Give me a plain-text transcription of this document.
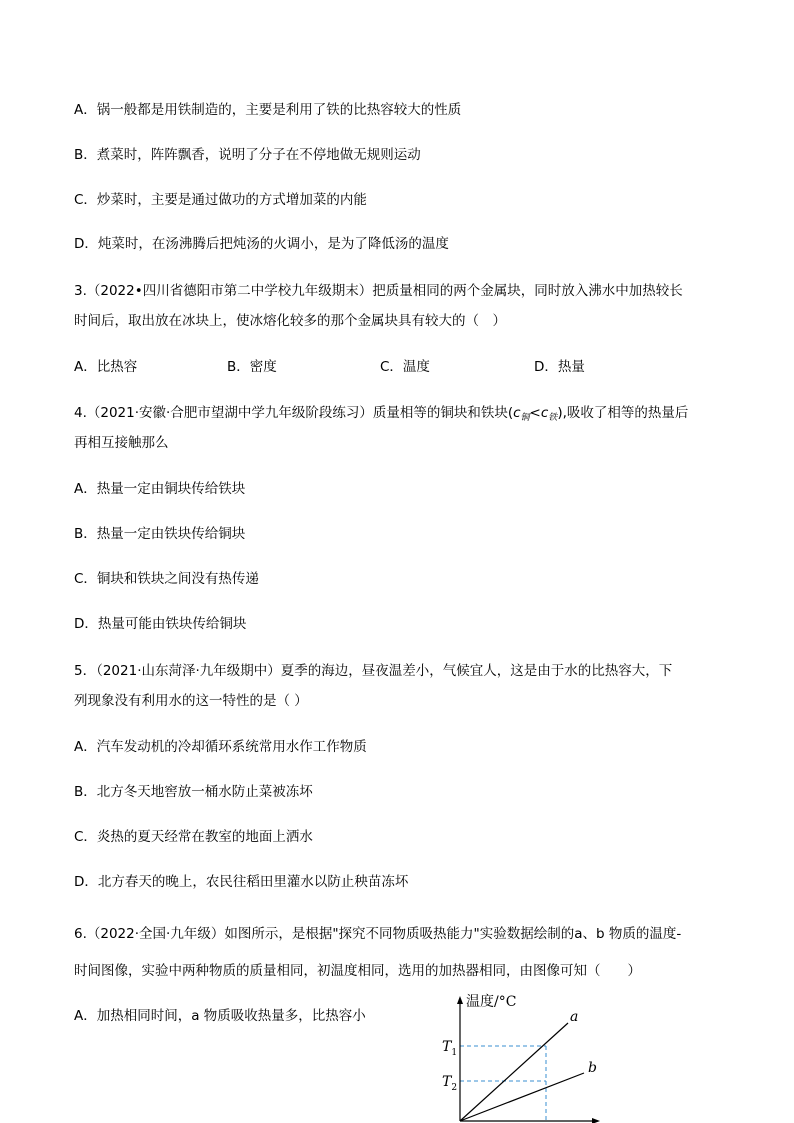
A．锅一般都是用铁制造的，主要是利用了铁的比热容较大的性质
B．煮菜时，阵阵飘香，说明了分子在不停地做无规则运动
C．炒菜时，主要是通过做功的方式增加菜的内能
D．炖菜时，在汤沸腾后把炖汤的火调小，是为了降低汤的温度
3.（2022•四川省德阳市第二中学校九年级期末）把质量相同的两个金属块，同时放入沸水中加热较长
时间后，取出放在冰块上，使冰熔化较多的那个金属块具有较大的（　）
A．比热容	B．密度	C．温度	D．热量
4.（2021·安徽·合肥市望湖中学九年级阶段练习）质量相等的铜块和铁块$(c_铜<c_铁)$,吸收了相等的热量后
再相互接触那么
A．热量一定由铜块传给铁块
B．热量一定由铁块传给铜块
C．铜块和铁块之间没有热传递
D．热量可能由铁块传给铜块
5．（2021·山东菏泽·九年级期中）夏季的海边，昼夜温差小，气候宜人，这是由于水的比热容大，下
列现象没有利用水的这一特性的是（ ）
A．汽车发动机的冷却循环系统常用水作工作物质
B．北方冬天地窖放一桶水防止菜被冻坏
C．炎热的夏天经常在教室的地面上洒水
D．北方春天的晚上，农民往稻田里灌水以防止秧苗冻坏
6.（2022·全国·九年级）如图所示，是根据"探究不同物质吸热能力"实验数据绘制的a、b 物质的温度-
时间图像，实验中两种物质的质量相同，初温度相同，选用的加热器相同，由图像可知（　　）
A．加热相同时间，a 物质吸收热量多，比热容小
温度/°C
a
b
$T_1$
$T_2$
